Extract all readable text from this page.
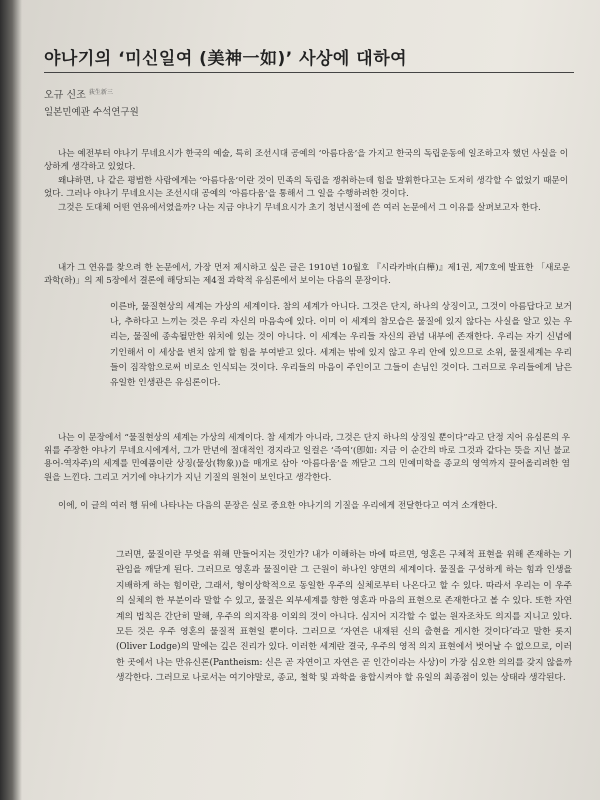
야나기의 ‘미신일여 (美神一如)’ 사상에 대하여
오규 신조 $^{荻生新三}$
일본민예관 수석연구원

나는 예전부터 야나기 무네요시가 한국의 예술, 특히 조선시대 공예의 ‘아름다움’을 가지고 한국의 독립운동에 일조하고자 했던 사실을 이상하게 생각하고 있었다.

왜냐하면, 나 같은 평범한 사람에게는 ‘아름다움’이란 것이 민족의 독립을 쟁취하는데 힘을 발휘한다고는 도저히 생각할 수 없었기 때문이었다. 그러나 야나기 무네요시는 조선시대 공예의 ‘아름다움’을 통해서 그 일을 수행하려한 것이다.

그것은 도대체 어떤 연유에서였을까? 나는 지금 야나기 무네요시가 초기 청년시절에 쓴 여러 논문에서 그 이유를 살펴보고자 한다.

내가 그 연유를 찾으려 한 논문에서, 가장 먼저 제시하고 싶은 글은 1910년 10월호 『시라카바(白樺)』제1권, 제7호에 발표한 「새로운 과학(하)」의 제 5장에서 결론에 해당되는 제4절 과학적 유심론에서 보이는 다음의 문장이다.

이른바, 물질현상의 세계는 가상의 세계이다. 참의 세계가 아니다. 그것은 단지, 하나의 상징이고, 그것이 아름답다고 보거나, 추하다고 느끼는 것은 우리 자신의 마음속에 있다. 이미 이 세계의 참모습은 물질에 있지 않다는 사실을 알고 있는 우리는, 물질에 종속될만한 위치에 있는 것이 아니다. 이 세계는 우리들 자신의 관념 내부에 존재한다. 우리는 자기 신념에 기인해서 이 세상을 변치 않게 할 힘을 부여받고 있다. 세계는 밖에 있지 않고 우리 안에 있으므로 소위, 물질세계는 우리들이 짐작함으로써 비로소 인식되는 것이다. 우리들의 마음이 주인이고 그들이 손님인 것이다. 그러므로 우리들에게 남은 유일한 인생관은 유심론이다.

나는 이 문장에서 “물질현상의 세계는 가상의 세계이다. 참 세계가 아니라, 그것은 단지 하나의 상징일 뿐이다”라고 단정 지어 유심론의 우위를 주장한 야나기 무네요시에게서, 그가 만년에 절대적인 경지라고 일컬은 ‘즉여’(卽如: 지금 이 순간의 바로 그것과 같다는 뜻을 지닌 불교용어-역자주)의 세계를 민예품이란 상징(물상(物象))을 매개로 삼아 ‘아름다움’을 깨닫고 그의 민예미학을 종교의 영역까지 끌어올리려한 염원을 느낀다. 그리고 거기에 야나기가 지닌 기질의 원천이 보인다고 생각한다.

이에, 이 글의 여러 행 뒤에 나타나는 다음의 문장은 실로 중요한 야나기의 기질을 우리에게 전달한다고 여겨 소개한다.

그러면, 물질이란 무엇을 위해 만들어지는 것인가? 내가 이해하는 바에 따르면, 영혼은 구체적 표현을 위해 존재하는 기관임을 깨닫게 된다. 그러므로 영혼과 물질이란 그 근원이 하나인 양면의 세계이다. 물질을 구성하게 하는 힘과 인생을 지배하게 하는 힘이란, 그래서, 형이상학적으로 동일한 우주의 실체로부터 나온다고 할 수 있다. 따라서 우리는 이 우주의 실체의 한 부분이라 말할 수 있고, 물질은 외부세계를 향한 영혼과 마음의 표현으로 존재한다고 볼 수 있다. 또한 자연계의 법칙은 간단히 말해, 우주의 의지작용 이외의 것이 아니다. 심지어 지각할 수 없는 원자조차도 의지를 지니고 있다. 모든 것은 우주 영혼의 물질적 표현일 뿐이다. 그러므로 ‘자연은 내재된 신의 출현을 게시한 것이다’라고 말한 롯지(Oliver Lodge)의 말에는 깊은 진리가 있다. 이러한 세계란 결국, 우주의 영적 의지 표현에서 벗어날 수 없으므로, 이러한 곳에서 나는 만유신론(Pantheism: 신은 곧 자연이고 자연은 곧 인간이라는 사상)이 가장 심오한 의의를 갖지 않을까 생각한다. 그러므로 나로서는 여기야말로, 종교, 철학 및 과학을 융합시켜야 할 유일의 최종점이 있는 상태라 생각된다.
